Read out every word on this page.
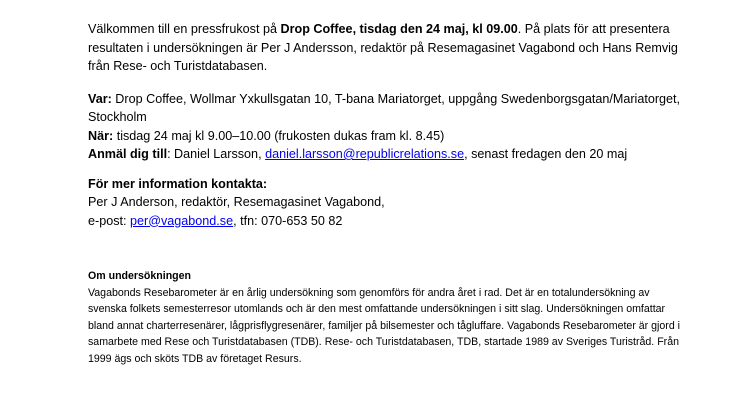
Välkommen till en pressfrukost på Drop Coffee, tisdag den 24 maj, kl 09.00. På plats för att presentera resultaten i undersökningen är Per J Andersson, redaktör på Resemagasinet Vagabond och Hans Remvig från Rese- och Turistdatabasen.

Var: Drop Coffee, Wollmar Yxkullsgatan 10, T-bana Mariatorget, uppgång Swedenborgsgatan/Mariatorget, Stockholm

När: tisdag 24 maj kl 9.00–10.00 (frukosten dukas fram kl. 8.45)

Anmäl dig till: Daniel Larsson, daniel.larsson@republicrelations.se, senast fredagen den 20 maj

För mer information kontakta:

Per J Anderson, redaktör, Resemagasinet Vagabond,

e-post: per@vagabond.se, tfn: 070-653 50 82

Om undersökningen

Vagabonds Resebarometer är en årlig undersökning som genomförs för andra året i rad. Det är en totalundersökning av svenska folkets semesterresor utomlands och är den mest omfattande undersökningen i sitt slag. Undersökningen omfattar bland annat charterresenärer, lågprisflygresenärer, familjer på bilsemester och tågluffare. Vagabonds Resebarometer är gjord i samarbete med Rese och Turistdatabasen (TDB). Rese- och Turistdatabasen, TDB, startade 1989 av Sveriges Turistråd. Från 1999 ägs och sköts TDB av företaget Resurs.
